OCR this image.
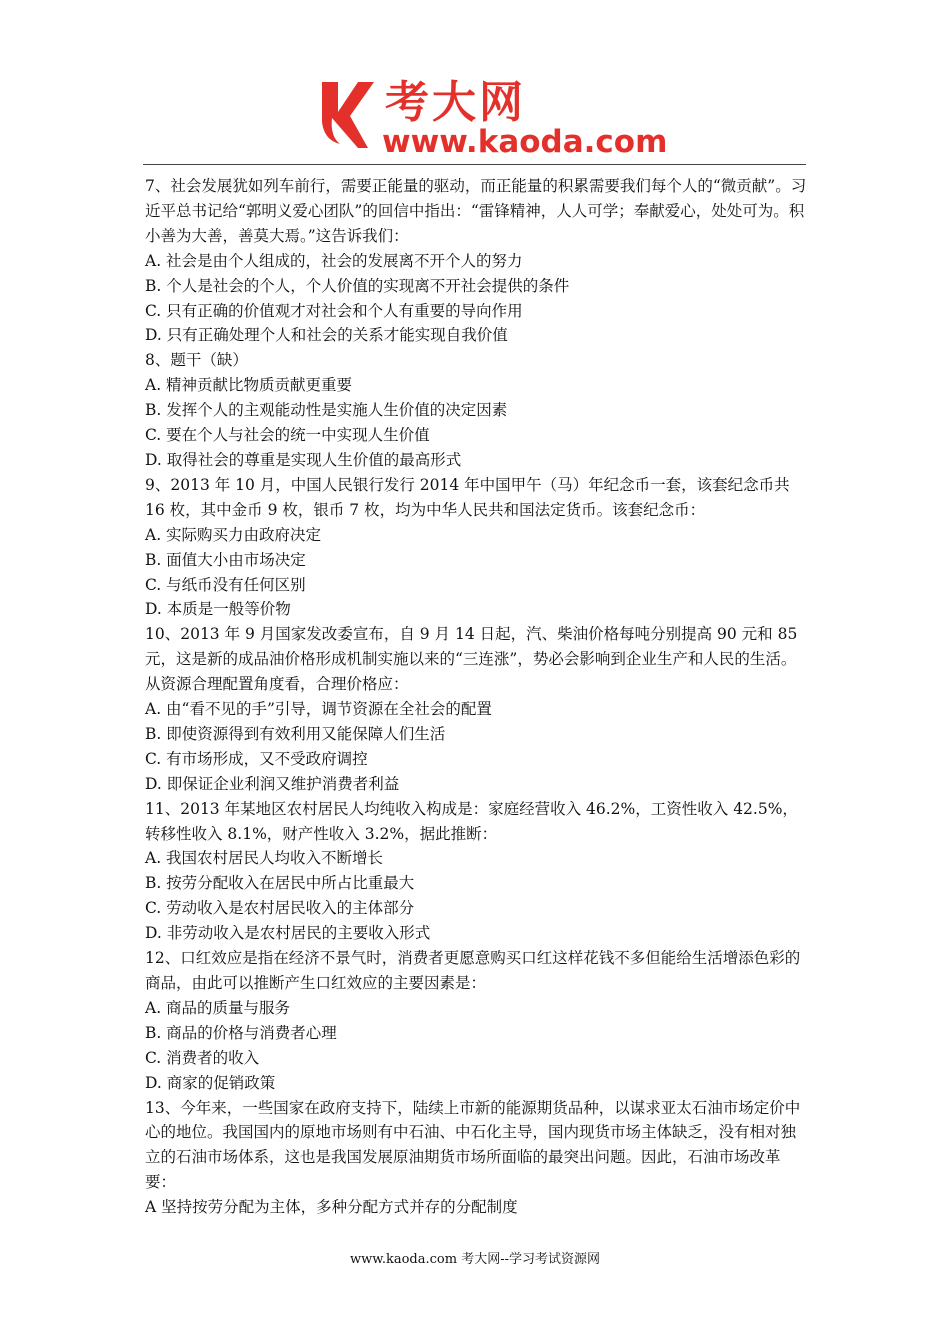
考大网
www.kaoda.com

7、社会发展犹如列车前行，需要正能量的驱动，而正能量的积累需要我们每个人的“微贡献”。习近平总书记给“郭明义爱心团队”的回信中指出：“雷锋精神，人人可学；奉献爱心，处处可为。积小善为大善，善莫大焉。”这告诉我们：

A. 社会是由个人组成的，社会的发展离不开个人的努力

B. 个人是社会的个人，个人价值的实现离不开社会提供的条件

C. 只有正确的价值观才对社会和个人有重要的导向作用

D. 只有正确处理个人和社会的关系才能实现自我价值

8、题干（缺）

A. 精神贡献比物质贡献更重要

B. 发挥个人的主观能动性是实施人生价值的决定因素

C. 要在个人与社会的统一中实现人生价值

D. 取得社会的尊重是实现人生价值的最高形式

9、2013 年 10 月，中国人民银行发行 2014 年中国甲午（马）年纪念币一套，该套纪念币共 16 枚，其中金币 9 枚，银币 7 枚，均为中华人民共和国法定货币。该套纪念币：

A. 实际购买力由政府决定

B. 面值大小由市场决定

C. 与纸币没有任何区别

D. 本质是一般等价物

10、2013 年 9 月国家发改委宣布，自 9 月 14 日起，汽、柴油价格每吨分别提高 90 元和 85 元，这是新的成品油价格形成机制实施以来的“三连涨”，势必会影响到企业生产和人民的生活。从资源合理配置角度看，合理价格应：

A. 由“看不见的手”引导，调节资源在全社会的配置

B. 即使资源得到有效利用又能保障人们生活

C. 有市场形成，又不受政府调控

D. 即保证企业利润又维护消费者利益

11、2013 年某地区农村居民人均纯收入构成是：家庭经营收入 46.2%，工资性收入 42.5%，转移性收入 8.1%，财产性收入 3.2%，据此推断：

A. 我国农村居民人均收入不断增长

B. 按劳分配收入在居民中所占比重最大

C. 劳动收入是农村居民收入的主体部分

D. 非劳动收入是农村居民的主要收入形式

12、口红效应是指在经济不景气时，消费者更愿意购买口红这样花钱不多但能给生活增添色彩的商品，由此可以推断产生口红效应的主要因素是：

A. 商品的质量与服务

B. 商品的价格与消费者心理

C. 消费者的收入

D. 商家的促销政策

13、今年来，一些国家在政府支持下，陆续上市新的能源期货品种，以谋求亚太石油市场定价中心的地位。我国国内的原地市场则有中石油、中石化主导，国内现货市场主体缺乏，没有相对独立的石油市场体系，这也是我国发展原油期货市场所面临的最突出问题。因此，石油市场改革要：

A 坚持按劳分配为主体，多种分配方式并存的分配制度

www.kaoda.com 考大网--学习考试资源网
